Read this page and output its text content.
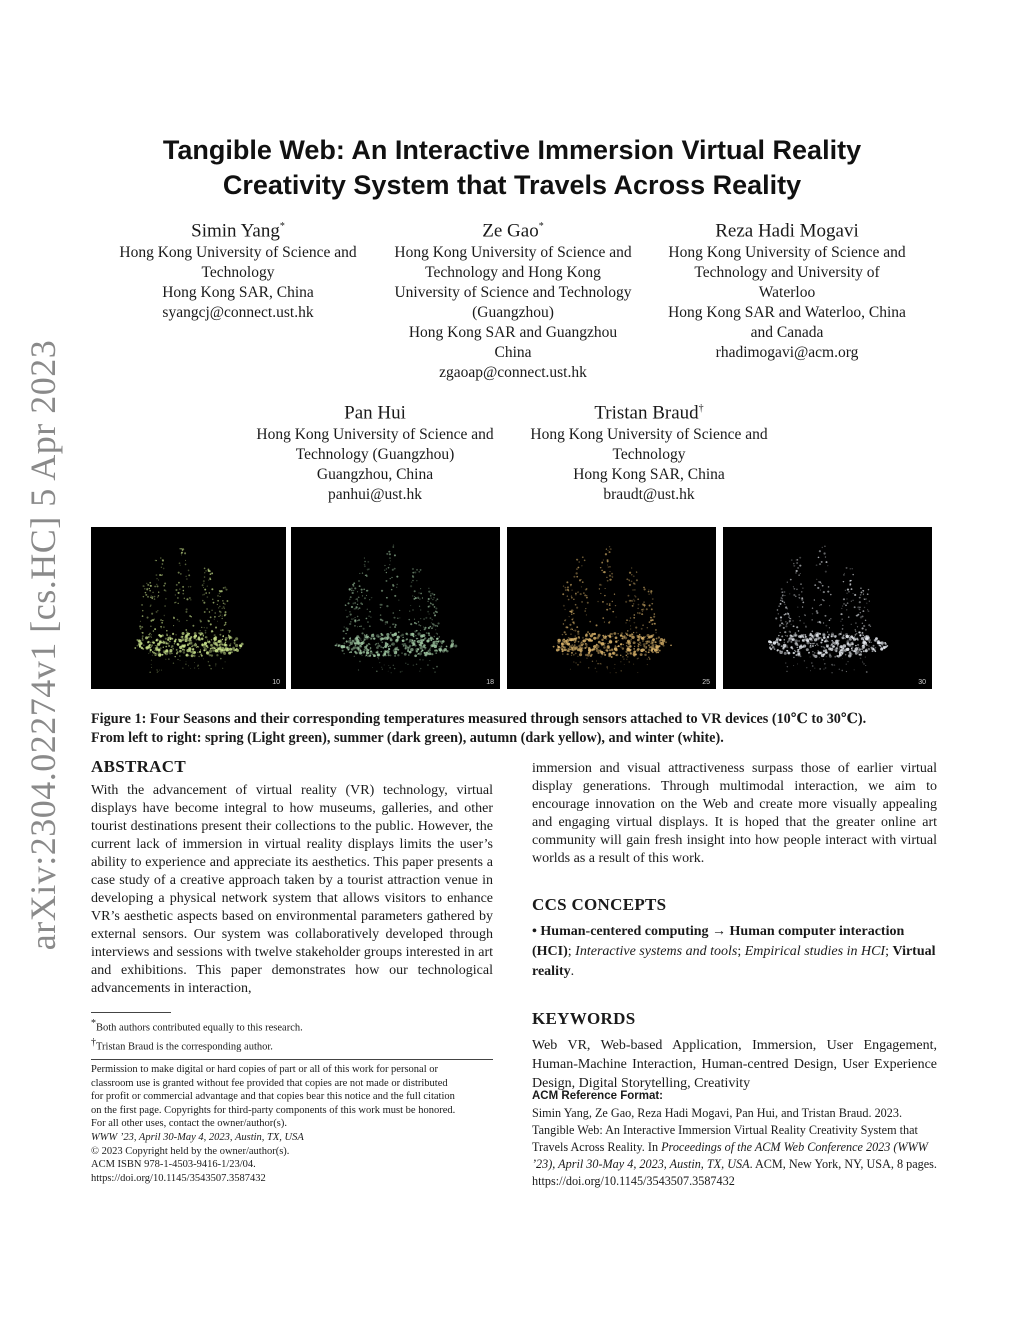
arXiv:2304.02274v1 [cs.HC] 5 Apr 2023
Tangible Web: An Interactive Immersion Virtual Reality
Creativity System that Travels Across Reality
Simin Yang*
Hong Kong University of Science and
Technology
Hong Kong SAR, China
syangcj@connect.ust.hk
Ze Gao*
Hong Kong University of Science and
Technology and Hong Kong
University of Science and Technology
(Guangzhou)
Hong Kong SAR and Guangzhou
China
zgaoap@connect.ust.hk
Reza Hadi Mogavi
Hong Kong University of Science and
Technology and University of
Waterloo
Hong Kong SAR and Waterloo, China
and Canada
rhadimogavi@acm.org
Pan Hui
Hong Kong University of Science and
Technology (Guangzhou)
Guangzhou, China
panhui@ust.hk
Tristan Braud†
Hong Kong University of Science and
Technology
Hong Kong SAR, China
braudt@ust.hk
10	18	25	30
Figure 1: Four Seasons and their corresponding temperatures measured through sensors attached to VR devices (10℃ to 30℃).
From left to right: spring (Light green), summer (dark green), autumn (dark yellow), and winter (white).
ABSTRACT

With the advancement of virtual reality (VR) technology, virtual displays have become integral to how museums, galleries, and other tourist destinations present their collections to the public. However, the current lack of immersion in virtual reality displays limits the user’s ability to experience and appreciate its aesthetics. This paper presents a case study of a creative approach taken by a tourist attraction venue in developing a physical network system that allows visitors to enhance VR’s aesthetic aspects based on environmental parameters gathered by external sensors. Our system was collaboratively developed through interviews and sessions with twelve stakeholder groups interested in art and exhibitions. This paper demonstrates how our technological advancements in interaction,

*Both authors contributed equally to this research.
†Tristan Braud is the corresponding author.
Permission to make digital or hard copies of part or all of this work for personal or
classroom use is granted without fee provided that copies are not made or distributed
for profit or commercial advantage and that copies bear this notice and the full citation
on the first page. Copyrights for third-party components of this work must be honored.
For all other uses, contact the owner/author(s).
WWW ’23, April 30-May 4, 2023, Austin, TX, USA
© 2023 Copyright held by the owner/author(s).
ACM ISBN 978-1-4503-9416-1/23/04.
https://doi.org/10.1145/3543507.3587432

immersion and visual attractiveness surpass those of earlier virtual display generations. Through multimodal interaction, we aim to encourage innovation on the Web and create more visually appealing and engaging virtual displays. It is hoped that the greater online art community will gain fresh insight into how people interact with virtual worlds as a result of this work.

CCS CONCEPTS

• Human-centered computing → Human computer interaction (HCI); Interactive systems and tools; Empirical studies in HCI; Virtual reality.

KEYWORDS

Web VR, Web-based Application, Immersion, User Engagement, Human-Machine Interaction, Human-centred Design, User Experience Design, Digital Storytelling, Creativity

ACM Reference Format:
Simin Yang, Ze Gao, Reza Hadi Mogavi, Pan Hui, and Tristan Braud. 2023. Tangible Web: An Interactive Immersion Virtual Reality Creativity System that Travels Across Reality. In Proceedings of the ACM Web Conference 2023 (WWW ’23), April 30-May 4, 2023, Austin, TX, USA. ACM, New York, NY, USA, 8 pages. https://doi.org/10.1145/3543507.3587432
